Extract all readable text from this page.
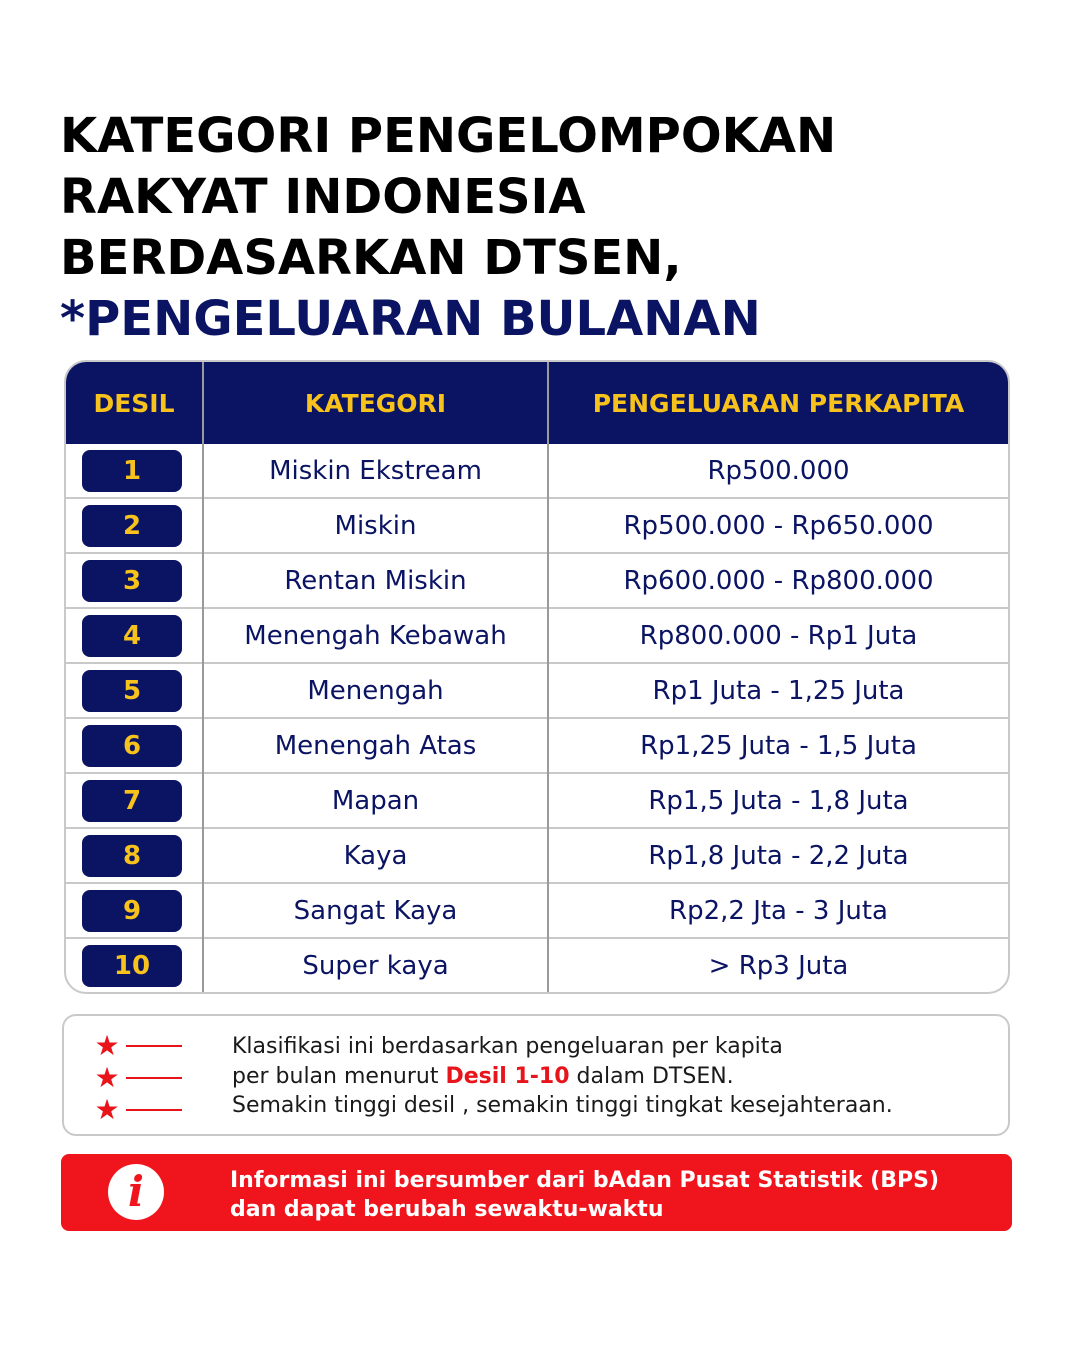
KATEGORI PENGELOMPOKAN
RAKYAT INDONESIA
BERDASARKAN DTSEN,
*PENGELUARAN BULANAN
DESIL	KATEGORI	PENGELUARAN PERKAPITA
1	Miskin Ekstream	Rp500.000
2	Miskin	Rp500.000 - Rp650.000
3	Rentan Miskin	Rp600.000 - Rp800.000
4	Menengah Kebawah	Rp800.000 - Rp1 Juta
5	Menengah	Rp1 Juta - 1,25 Juta
6	Menengah Atas	Rp1,25 Juta - 1,5 Juta
7	Mapan	Rp1,5 Juta - 1,8 Juta
8	Kaya	Rp1,8 Juta - 2,2 Juta
9	Sangat Kaya	Rp2,2 Jta - 3 Juta
10	Super kaya	> Rp3 Juta
★
★
★
Klasifikasi ini berdasarkan pengeluaran per kapita
per bulan menurut Desil 1-10 dalam DTSEN.
Semakin tinggi desil , semakin tinggi tingkat kesejahteraan.
i	Informasi ini bersumber dari bAdan Pusat Statistik (BPS)
dan dapat berubah sewaktu-waktu
